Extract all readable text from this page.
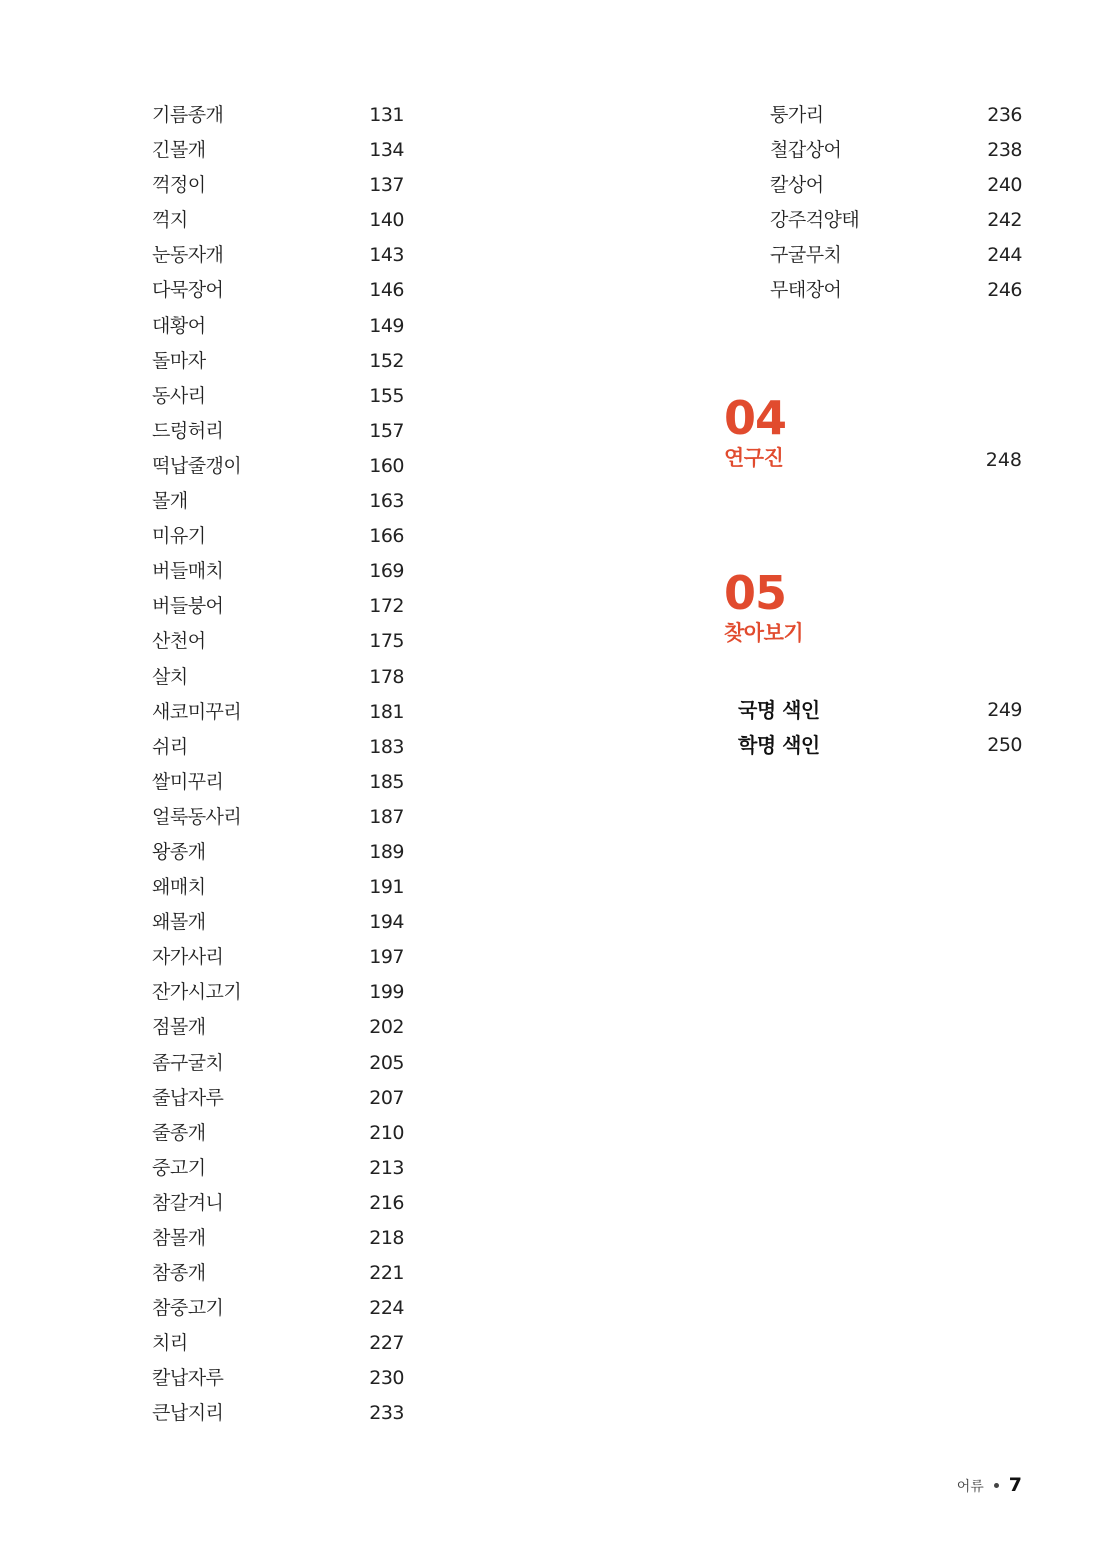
기름종개	131
긴몰개	134
꺽정이	137
꺽지	140
눈동자개	143
다묵장어	146
대황어	149
돌마자	152
동사리	155
드렁허리	157
떡납줄갱이	160
몰개	163
미유기	166
버들매치	169
버들붕어	172
산천어	175
살치	178
새코미꾸리	181
쉬리	183
쌀미꾸리	185
얼룩동사리	187
왕종개	189
왜매치	191
왜몰개	194
자가사리	197
잔가시고기	199
점몰개	202
좀구굴치	205
줄납자루	207
줄종개	210
중고기	213
참갈겨니	216
참몰개	218
참종개	221
참중고기	224
치리	227
칼납자루	230
큰납지리	233
퉁가리	236
철갑상어	238
칼상어	240
강주걱양태	242
구굴무치	244
무태장어	246
04
연구진	248
05
찾아보기
국명 색인	249
학명 색인	250
어류 7
